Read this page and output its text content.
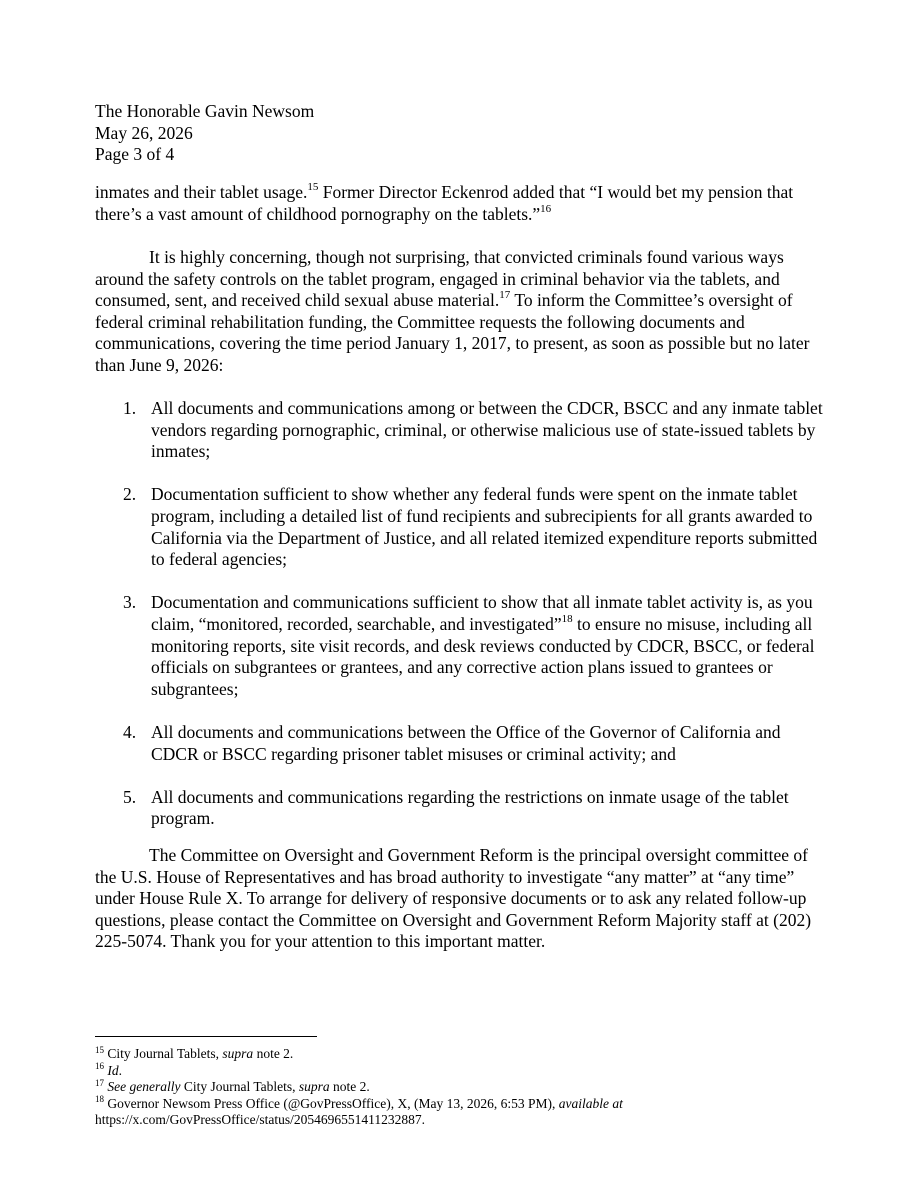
The Honorable Gavin Newsom
May 26, 2026
Page 3 of 4

inmates and their tablet usage.$^{15}$ Former Director Eckenrod added that “I would bet my pension that there’s a vast amount of childhood pornography on the tablets.”$^{16}$

It is highly concerning, though not surprising, that convicted criminals found various ways around the safety controls on the tablet program, engaged in criminal behavior via the tablets, and consumed, sent, and received child sexual abuse material.$^{17}$ To inform the Committee’s oversight of federal criminal rehabilitation funding, the Committee requests the following documents and communications, covering the time period January 1, 2017, to present, as soon as possible but no later than June 9, 2026:

1. All documents and communications among or between the CDCR, BSCC and any inmate tablet vendors regarding pornographic, criminal, or otherwise malicious use of state-issued tablets by inmates;
2. Documentation sufficient to show whether any federal funds were spent on the inmate tablet program, including a detailed list of fund recipients and subrecipients for all grants awarded to California via the Department of Justice, and all related itemized expenditure reports submitted to federal agencies;
3. Documentation and communications sufficient to show that all inmate tablet activity is, as you claim, “monitored, recorded, searchable, and investigated”$^{18}$ to ensure no misuse, including all monitoring reports, site visit records, and desk reviews conducted by CDCR, BSCC, or federal officials on subgrantees or grantees, and any corrective action plans issued to grantees or subgrantees;
4. All documents and communications between the Office of the Governor of California and CDCR or BSCC regarding prisoner tablet misuses or criminal activity; and
5. All documents and communications regarding the restrictions on inmate usage of the tablet program.

The Committee on Oversight and Government Reform is the principal oversight committee of the U.S. House of Representatives and has broad authority to investigate “any matter” at “any time” under House Rule X. To arrange for delivery of responsive documents or to ask any related follow-up questions, please contact the Committee on Oversight and Government Reform Majority staff at (202) 225-5074. Thank you for your attention to this important matter.

$^{15}$ City Journal Tablets, supra note 2.
$^{16}$ Id.
$^{17}$ See generally City Journal Tablets, supra note 2.
$^{18}$ Governor Newsom Press Office (@GovPressOffice), X, (May 13, 2026, 6:53 PM), available at
https://x.com/GovPressOffice/status/2054696551411232887.
